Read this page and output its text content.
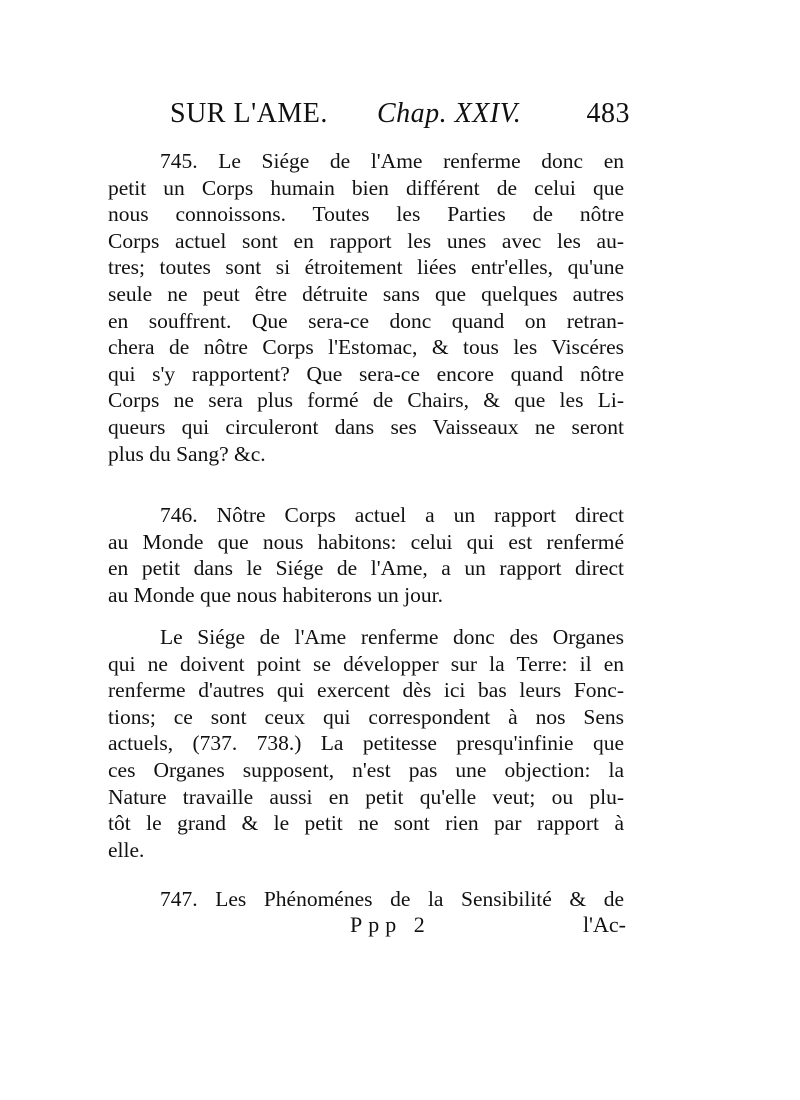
SUR L'AME. Chap. XXIV. 483
745. Le Siége de l'Ame renferme donc en
petit un Corps humain bien différent de celui que
nous connoissons. Toutes les Parties de nôtre
Corps actuel sont en rapport les unes avec les au-
tres; toutes sont si étroitement liées entr'elles, qu'une
seule ne peut être détruite sans que quelques autres
en souffrent. Que sera-ce donc quand on retran-
chera de nôtre Corps l'Estomac, & tous les Viscéres
qui s'y rapportent? Que sera-ce encore quand nôtre
Corps ne sera plus formé de Chairs, & que les Li-
queurs qui circuleront dans ses Vaisseaux ne seront
plus du Sang? &c.
746. Nôtre Corps actuel a un rapport direct
au Monde que nous habitons: celui qui est renfermé
en petit dans le Siége de l'Ame, a un rapport direct
au Monde que nous habiterons un jour.
Le Siége de l'Ame renferme donc des Organes
qui ne doivent point se développer sur la Terre: il en
renferme d'autres qui exercent dès ici bas leurs Fonc-
tions; ce sont ceux qui correspondent à nos Sens
actuels, (737. 738.) La petitesse presqu'infinie que
ces Organes supposent, n'est pas une objection: la
Nature travaille aussi en petit qu'elle veut; ou plu-
tôt le grand & le petit ne sont rien par rapport à
elle.
747. Les Phénoménes de la Sensibilité & de
Ppp 2	l'Ac-
